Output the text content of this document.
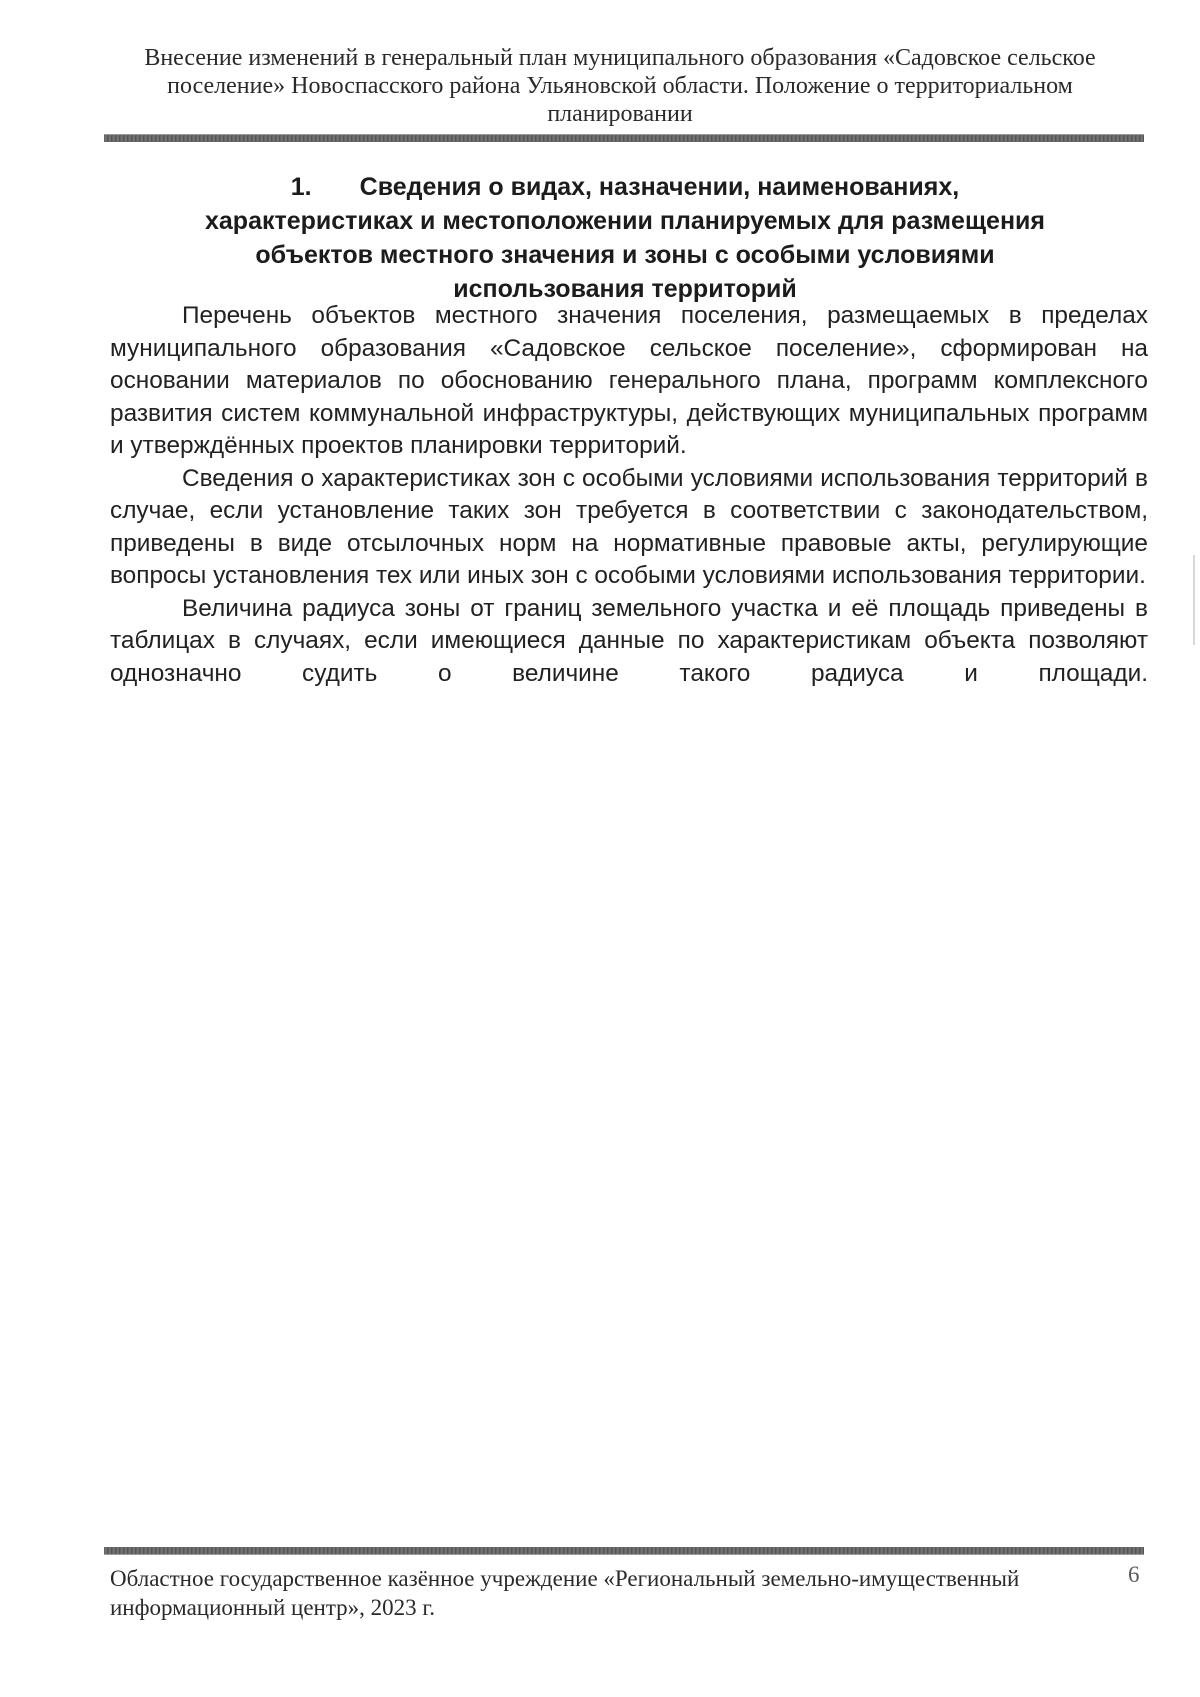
Внесение изменений в генеральный план муниципального образования «Садовское сельское поселение» Новоспасского района Ульяновской области. Положение о территориальном планировании
1. Сведения о видах, назначении, наименованиях, характеристиках и местоположении планируемых для размещения объектов местного значения и зоны с особыми условиями использования территорий

Перечень объектов местного значения поселения, размещаемых в пределах муниципального образования «Садовское сельское поселение», сформирован на основании материалов по обоснованию генерального плана, программ комплексного развития систем коммунальной инфраструктуры, действующих муниципальных программ и утверждённых проектов планировки территорий.

Сведения о характеристиках зон с особыми условиями использования территорий в случае, если установление таких зон требуется в соответствии с законодательством, приведены в виде отсылочных норм на нормативные правовые акты, регулирующие вопросы установления тех или иных зон с особыми условиями использования территории.

Величина радиуса зоны от границ земельного участка и её площадь приведены в таблицах в случаях, если имеющиеся данные по характеристикам объекта позволяют однозначно судить о величине такого радиуса и площади.

Областное государственное казённое учреждение «Региональный земельно-имущественный информационный центр», 2023 г.
6
